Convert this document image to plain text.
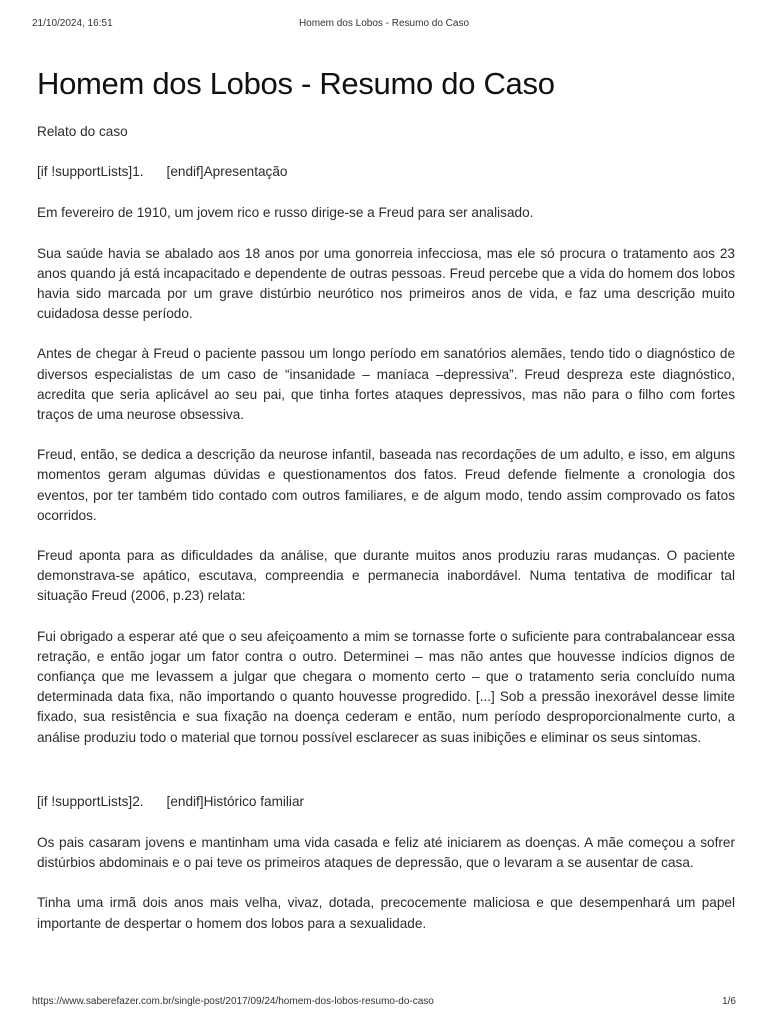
21/10/2024, 16:51	Homem dos Lobos - Resumo do Caso
Homem dos Lobos - Resumo do Caso

Relato do caso

[if !supportLists]1. [endif]Apresentação

Em fevereiro de 1910, um jovem rico e russo dirige-se a Freud para ser analisado.

Sua saúde havia se abalado aos 18 anos por uma gonorreia infecciosa, mas ele só procura o tratamento aos 23 anos quando já está incapacitado e dependente de outras pessoas. Freud percebe que a vida do homem dos lobos havia sido marcada por um grave distúrbio neurótico nos primeiros anos de vida, e faz uma descrição muito cuidadosa desse período.

Antes de chegar à Freud o paciente passou um longo período em sanatórios alemães, tendo tido o diagnóstico de diversos especialistas de um caso de “insanidade – maníaca –depressiva”. Freud despreza este diagnóstico, acredita que seria aplicável ao seu pai, que tinha fortes ataques depressivos, mas não para o filho com fortes traços de uma neurose obsessiva.

Freud, então, se dedica a descrição da neurose infantil, baseada nas recordações de um adulto, e isso, em alguns momentos geram algumas dúvidas e questionamentos dos fatos. Freud defende fielmente a cronologia dos eventos, por ter também tido contado com outros familiares, e de algum modo, tendo assim comprovado os fatos ocorridos.

Freud aponta para as dificuldades da análise, que durante muitos anos produziu raras mudanças. O paciente demonstrava-se apático, escutava, compreendia e permanecia inabordável. Numa tentativa de modificar tal situação Freud (2006, p.23) relata:

Fui obrigado a esperar até que o seu afeiçoamento a mim se tornasse forte o suficiente para contrabalancear essa retração, e então jogar um fator contra o outro. Determinei – mas não antes que houvesse indícios dignos de confiança que me levassem a julgar que chegara o momento certo – que o tratamento seria concluído numa determinada data fixa, não importando o quanto houvesse progredido. [...] Sob a pressão inexorável desse limite fixado, sua resistência e sua fixação na doença cederam e então, num período desproporcionalmente curto, a análise produziu todo o material que tornou possível esclarecer as suas inibições e eliminar os seus sintomas.

[if !supportLists]2. [endif]Histórico familiar

Os pais casaram jovens e mantinham uma vida casada e feliz até iniciarem as doenças. A mãe começou a sofrer distúrbios abdominais e o pai teve os primeiros ataques de depressão, que o levaram a se ausentar de casa.

Tinha uma irmã dois anos mais velha, vivaz, dotada, precocemente maliciosa e que desempenhará um papel importante de despertar o homem dos lobos para a sexualidade.

https://www.saberefazer.com.br/single-post/2017/09/24/homem-dos-lobos-resumo-do-caso	1/6
